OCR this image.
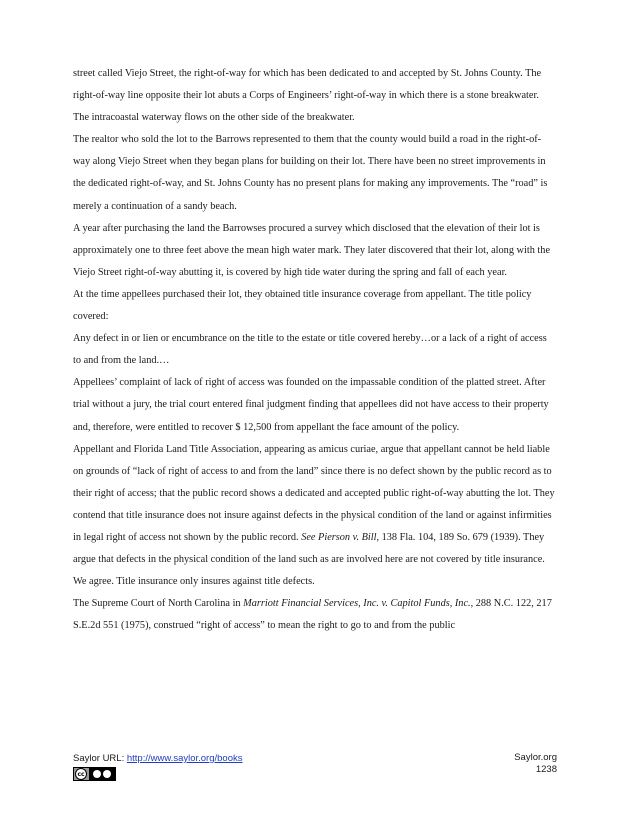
street called Viejo Street, the right-of-way for which has been dedicated to and accepted by St. Johns County. The right-of-way line opposite their lot abuts a Corps of Engineers’ right-of-way in which there is a stone breakwater. The intracoastal waterway flows on the other side of the breakwater.

The realtor who sold the lot to the Barrows represented to them that the county would build a road in the right-of-way along Viejo Street when they began plans for building on their lot. There have been no street improvements in the dedicated right-of-way, and St. Johns County has no present plans for making any improvements. The “road” is merely a continuation of a sandy beach.

A year after purchasing the land the Barrowses procured a survey which disclosed that the elevation of their lot is approximately one to three feet above the mean high water mark. They later discovered that their lot, along with the Viejo Street right-of-way abutting it, is covered by high tide water during the spring and fall of each year.

At the time appellees purchased their lot, they obtained title insurance coverage from appellant. The title policy covered:

Any defect in or lien or encumbrance on the title to the estate or title covered hereby…or a lack of a right of access to and from the land.…

Appellees’ complaint of lack of right of access was founded on the impassable condition of the platted street. After trial without a jury, the trial court entered final judgment finding that appellees did not have access to their property and, therefore, were entitled to recover $ 12,500 from appellant the face amount of the policy.

Appellant and Florida Land Title Association, appearing as amicus curiae, argue that appellant cannot be held liable on grounds of “lack of right of access to and from the land” since there is no defect shown by the public record as to their right of access; that the public record shows a dedicated and accepted public right-of-way abutting the lot. They contend that title insurance does not insure against defects in the physical condition of the land or against infirmities in legal right of access not shown by the public record. See Pierson v. Bill, 138 Fla. 104, 189 So. 679 (1939). They argue that defects in the physical condition of the land such as are involved here are not covered by title insurance. We agree. Title insurance only insures against title defects.

The Supreme Court of North Carolina in Marriott Financial Services, Inc. v. Capitol Funds, Inc., 288 N.C. 122, 217 S.E.2d 551 (1975), construed “right of access” to mean the right to go to and from the public

Saylor URL: http://www.saylor.org/books
cc
Saylor.org
1238
